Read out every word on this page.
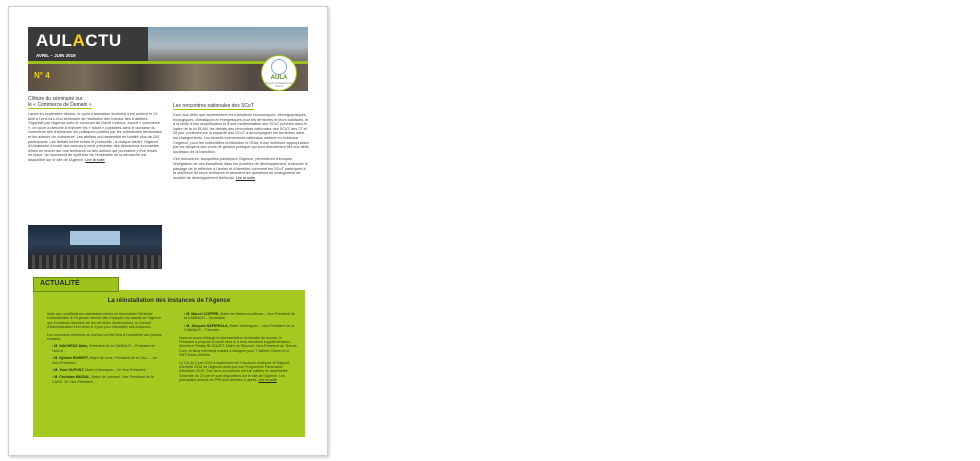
AULACTU
AVRIL – JUIN 2019
N° 4	AULA
Agence d'urbanisme de l'Artois
Clôture du séminaire sur
le « Commerce de Demain »
Lancé en septembre dernier, le cycle d'animation territorial s'est achevé le 24 avril à Lens lors d'un séminaire de restitution des travaux des 6 ateliers. Organisé par l'Agence avec le concours de David Lestoux, expert « commerce », ce cycle a cherché à explorer les « futurs » possibles dans le domaine du commerce afin d'alimenter les politiques portées par les collectivités territoriales et les acteurs du commerce. Les ateliers ont rassemblé en totalité plus de 200 participants. Les débats furent riches et productifs ; à chaque atelier, l'Agence d'Urbanisme a invité des acteurs à venir présenter des démarches innovantes mises en œuvre sur nos territoires ou des actions qui pourraient y être mises en place. Un document de synthèse de l'ensemble de la démarche est disponible sur le site de l'Agence. Lire la suite
Les rencontres nationales des SCoT
Face aux défis que représentent les transitions économiques, démographiques, écologiques, climatiques et énergétiques pour les territoires et leurs habitants, et à la veille d'une simplification et d'une modernisation des SCoT prévues dans le cadre de la loi ELAN, les débats des rencontres nationales des SCoT, des 27 et 28 juin, porteront sur la capacité des SCoT à accompagner les territoires dans les changements. Les récents événements nationaux mettent en évidence l'urgence, pour les collectivités territoriales et l'État, d'une meilleure appropriation par les citoyens des choix de gestion publique qui sont directement liés aux défis sociétaux de la transition.
Ces rencontres, auxquelles participera l'Agence, permettront d'évoquer l'intégration de ces transitions dans les modèles de développement, d'aborder le passage de la réflexion à l'action et d'identifier comment les SCoT participent à la résilience de leurs territoires et abordent les questions de changement de modèle de développement territorial. Lire la suite
La réinstallation des instances de l'Agence

Suite aux modifications statutaires votées en Assemblée Générale extraordinaire le 18 janvier dernier afin d'adapter les statuts de l'Agence aux évolutions récentes de son territoire d'intervention, le Conseil d'Administration s'est réuni le 3 juin pour réinstaller ses instances.

Les nouveaux membres du bureau ont été élus à l'unanimité aux postes suivants :

• M. WACHEUX Alain, Président de la CABBALR – Président de l'AULA ;
• M. Sylvain ROBERT, Maire de Lens, Président de la CALL – 1er Vice-Président ;
• M. Yves DUPONT, Maire d'Annequin – 2e Vice-Président ;
• M. Christian MUSIAL, Maire de Leforest, Vice-Président de la CAHC- 3e Vice-Président ;
• M. Marcel COFFRE, Maire de Marles-les-Mines – Vice-Président de la CABBALR – Secrétaire ;
• M. Jacques NAPIERALA, Maire d'Isbergues – Vice-Président de la CABBALR – Trésorier.

Dans un souci d'élargir la représentation territoriale du bureau, le Président a proposé d'ouvrir celui-ci à trois membres supplémentaires : Monsieur Freddy BLOQUET, Maire de Sincourt, Vice-Président de Ternois Com, et deux membres restant à désigner pour 7 Vallées Comm et le SMT Artois Gohelle.

Le CA du 3 juin 2019 a également été l'occasion d'adopter le Rapport d'Activité 2018 de l'Agence ainsi que son Programme Partenarial d'Activités 2019. Ces deux documents ont été validés en Assemblée Générale du 24 juin et sont disponibles sur le site de l'Agence. Les principales actions du PPA sont décrites ci-après. Lire la suite

ACTUALITÉ
